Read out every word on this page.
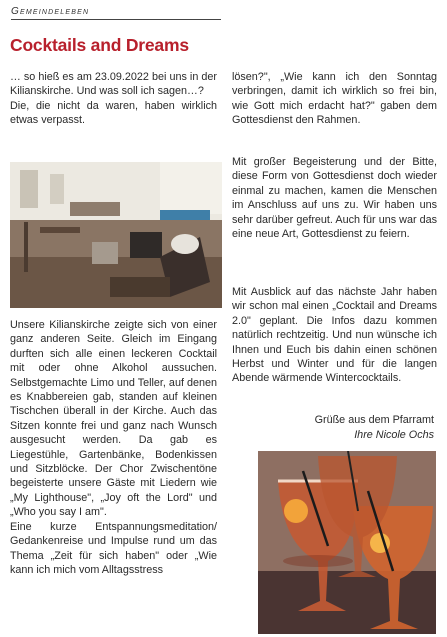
Gemeindeleben
Cocktails and Dreams

… so hieß es am 23.09.2022 bei uns in der Kilianskirche. Und was soll ich sagen…?

Die, die nicht da waren, haben wirklich etwas verpasst.

Unsere Kilianskirche zeigte sich von einer ganz anderen Seite. Gleich im Eingang durften sich alle einen leckeren Cocktail mit oder ohne Alkohol aussuchen. Selbstgemachte Limo und Teller, auf denen es Knabbereien gab, standen auf kleinen Tischchen überall in der Kirche. Auch das Sitzen konnte frei und ganz nach Wunsch ausgesucht werden. Da gab es Liegestühle, Gartenbänke, Bodenkissen und Sitzblöcke. Der Chor Zwischentöne begeisterte unsere Gäste mit Liedern wie „My Lighthouse", „Joy oft the Lord" und „Who you say I am".

Eine kurze Entspannungsmeditation/ Gedankenreise und Impulse rund um das Thema „Zeit für sich haben" oder „Wie kann ich mich vom Alltagsstress

lösen?", „Wie kann ich den Sonntag verbringen, damit ich wirklich so frei bin, wie Gott mich erdacht hat?" gaben dem Gottesdienst den Rahmen.

Mit großer Begeisterung und der Bitte, diese Form von Gottesdienst doch wieder einmal zu machen, kamen die Menschen im Anschluss auf uns zu. Wir haben uns sehr darüber gefreut. Auch für uns war das eine neue Art, Gottesdienst zu feiern.

Mit Ausblick auf das nächste Jahr haben wir schon mal einen „Cocktail and Dreams 2.0" geplant. Die Infos dazu kommen natürlich rechtzeitig. Und nun wünsche ich Ihnen und Euch bis dahin einen schönen Herbst und Winter und für die langen Abende wärmende Wintercocktails.

Grüße aus dem Pfarramt
Ihre Nicole Ochs
